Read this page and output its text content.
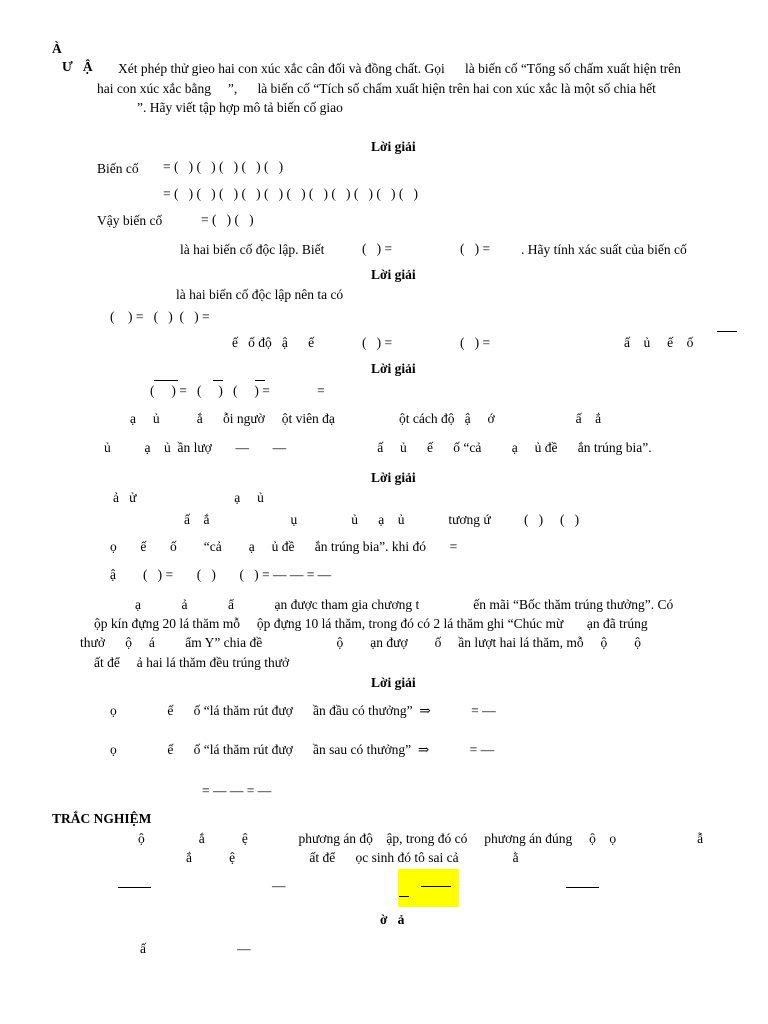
À
Ư   Ậ Xét phép thử gieo hai con xúc xắc cân đối và đồng chất. Gọi      là biến cố “Tổng số chấm xuất hiện trên
hai con xúc xắc bằng     ”,      là biến cố “Tích số chấm xuất hiện trên hai con xúc xắc là một số chia hết
”. Hãy viết tập hợp mô tả biến cố giao
Lời giải
Biến cố = (   ) (   ) (   ) (   ) (   )
= (   ) (   ) (   ) (   ) (   ) (   ) (   ) (   ) (   ) (   ) (   )
Vậy biến cố	= (   ) (   )
là hai biến cố độc lập. Biết	(   ) =	(   ) = . Hãy tính xác suất của biến cố
Lời giải
là hai biến cố độc lập nên ta có
(    ) =   (   )  (   ) =
ế   ố độ   ậ      ế	(   ) =	(   ) =	ấ    ủ     ế    ố
Lời giải
(     ) =   (     )   (     ) =              =
ạ     ủ           ắ      ỗi ngườ     ột viên đạ                   ột cách độ   ậ     ớ                        ấ    ắ
ủ          ạ    ủ  ần lượ       —       —                           ấ     ủ      ế      ố “cả         ạ     ủ đề      ắn trúng bia”.
Lời giải
ả   ử                             ạ     ủ
ấ    ắ                        ụ                ủ      ạ    ủ             tương ứ (   )     (   )
ọ       ế       ố        “cả        ạ     ủ đề      ắn trúng bia”. khi đó       =
ậ        (   ) =       (   )       (   ) = — — = —
ạ            ả            ẩ            ạn được tham gia chương t                ến mãi “Bốc thăm trúng thưởng”. Có
ộp kín đựng 20 lá thăm mỗ     ộp đựng 10 lá thăm, trong đó có 2 lá thăm ghi “Chúc mừ       ạn đã trúng
thưở      ộ     á         ẩm Y” chia đề                      ộ        ạn đượ        ố     ần lượt hai lá thăm, mỗ     ộ        ộ
ất để     ả hai lá thăm đều trúng thưở
Lời giải
ọ               ế      ố “lá thăm rút đượ      ần đầu có thưởng”  ⇒            = —
ọ               ế      ố “lá thăm rút đượ      ần sau có thưởng”  ⇒            = —
= — — = —
TRẮC NGHIỆM
ộ                ắ           ệ               phương án độ    ập, trong đó có     phương án đúng     ộ    ọ                        ẫ
ắ           ệ                      ất để      ọc sinh đó tô sai cả                ằ
—
ờ   ả
ấ                           —
